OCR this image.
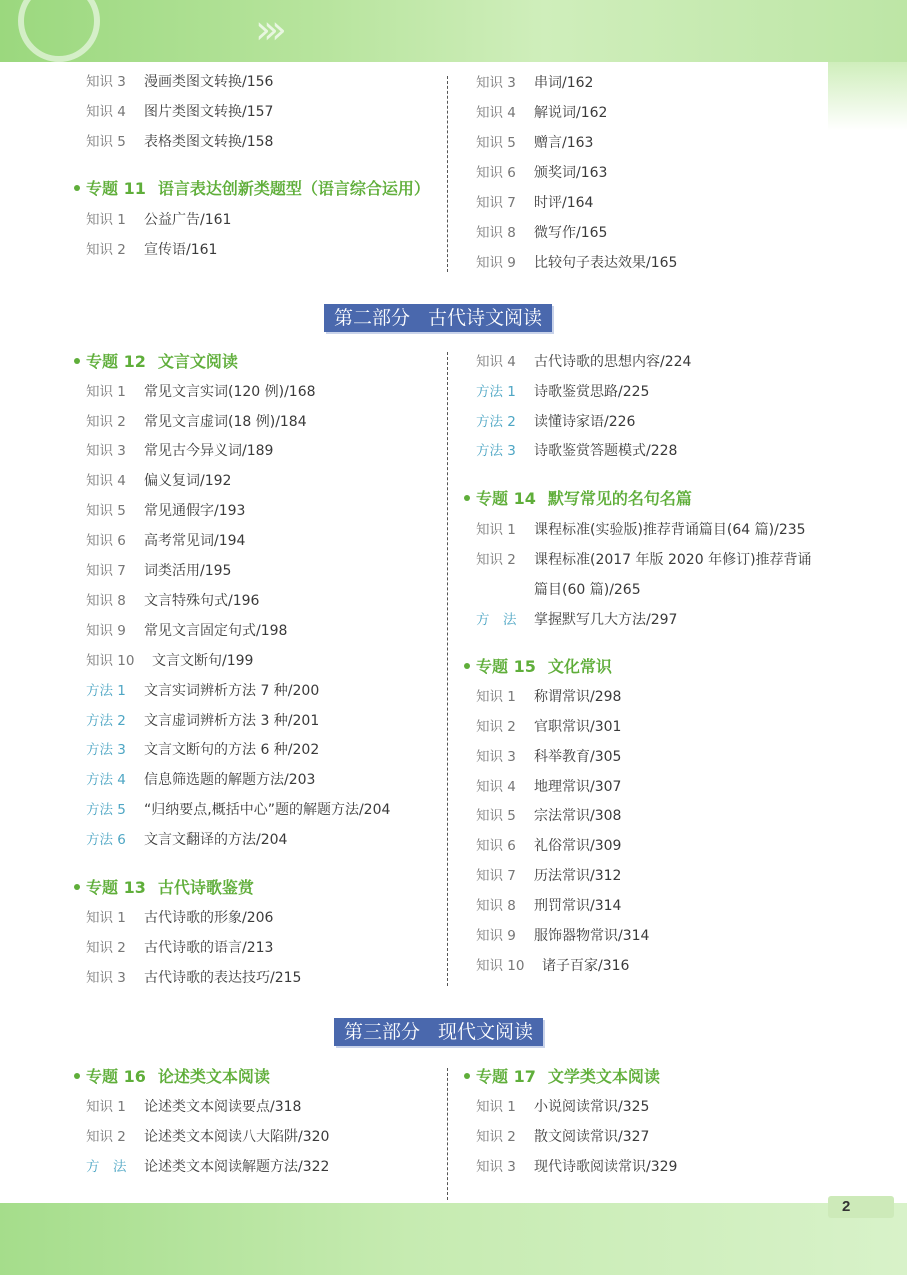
›››
2
知识 3 漫画类图文转换/156
知识 4 图片类图文转换/157
知识 5 表格类图文转换/158
专题 11 语言表达创新类题型（语言综合运用）
知识 1 公益广告/161
知识 2 宣传语/161
知识 3 串词/162
知识 4 解说词/162
知识 5 赠言/163
知识 6 颁奖词/163
知识 7 时评/164
知识 8 微写作/165
知识 9 比较句子表达效果/165
第二部分 古代诗文阅读
专题 12 文言文阅读
知识 1 常见文言实词(120 例)/168
知识 2 常见文言虚词(18 例)/184
知识 3 常见古今异义词/189
知识 4 偏义复词/192
知识 5 常见通假字/193
知识 6 高考常见词/194
知识 7 词类活用/195
知识 8 文言特殊句式/196
知识 9 常见文言固定句式/198
知识 10 文言文断句/199
方法 1 文言实词辨析方法 7 种/200
方法 2 文言虚词辨析方法 3 种/201
方法 3 文言文断句的方法 6 种/202
方法 4 信息筛选题的解题方法/203
方法 5 “归纳要点,概括中心”题的解题方法/204
方法 6 文言文翻译的方法/204
专题 13 古代诗歌鉴赏
知识 1 古代诗歌的形象/206
知识 2 古代诗歌的语言/213
知识 3 古代诗歌的表达技巧/215
知识 4 古代诗歌的思想内容/224
方法 1 诗歌鉴赏思路/225
方法 2 读懂诗家语/226
方法 3 诗歌鉴赏答题模式/228
专题 14 默写常见的名句名篇
知识 1 课程标准(实验版)推荐背诵篇目(64 篇)/235
知识 2 课程标准(2017 年版 2020 年修订)推荐背诵
篇目(60 篇)/265
方　法 掌握默写几大方法/297
专题 15 文化常识
知识 1 称谓常识/298
知识 2 官职常识/301
知识 3 科举教育/305
知识 4 地理常识/307
知识 5 宗法常识/308
知识 6 礼俗常识/309
知识 7 历法常识/312
知识 8 刑罚常识/314
知识 9 服饰器物常识/314
知识 10 诸子百家/316
第三部分 现代文阅读
专题 16 论述类文本阅读
知识 1 论述类文本阅读要点/318
知识 2 论述类文本阅读八大陷阱/320
方　法 论述类文本阅读解题方法/322
专题 17 文学类文本阅读
知识 1 小说阅读常识/325
知识 2 散文阅读常识/327
知识 3 现代诗歌阅读常识/329
